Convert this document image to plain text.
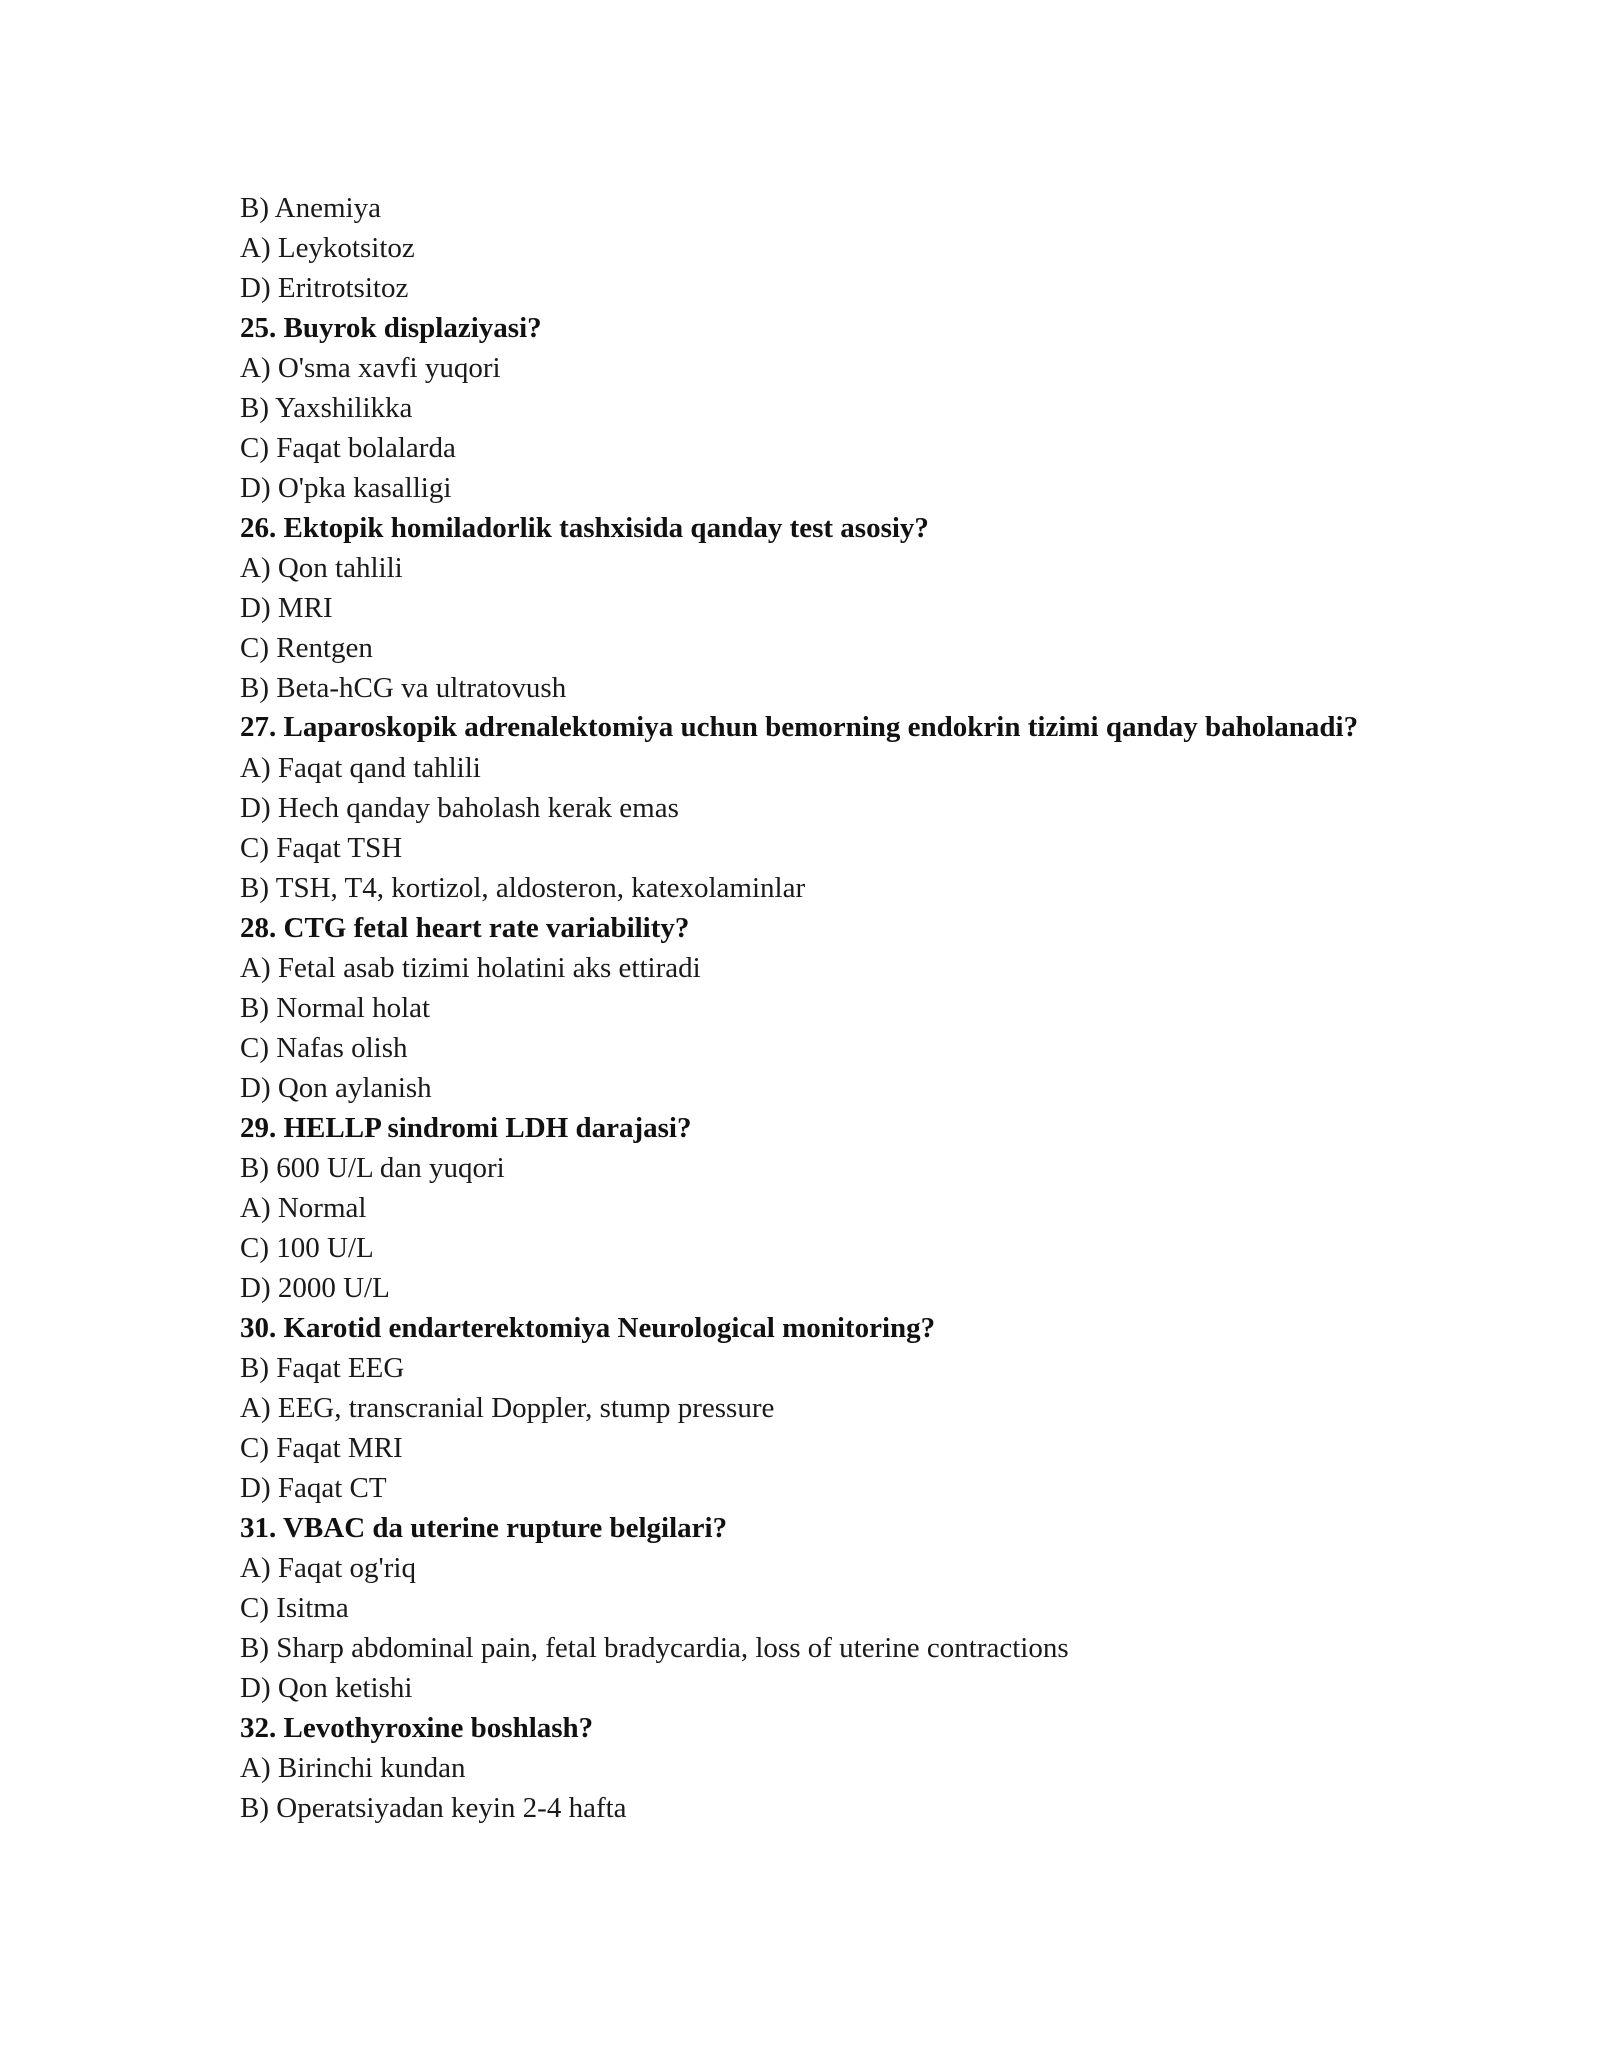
B) Anemiya
A) Leykotsitoz
D) Eritrotsitoz
25. Buyrok displaziyasi?
A) O'sma xavfi yuqori
B) Yaxshilikka
C) Faqat bolalarda
D) O'pka kasalligi
26. Ektopik homiladorlik tashxisida qanday test asosiy?
A) Qon tahlili
D) MRI
C) Rentgen
B) Beta-hCG va ultratovush
27. Laparoskopik adrenalektomiya uchun bemorning endokrin tizimi qanday baholanadi?
A) Faqat qand tahlili
D) Hech qanday baholash kerak emas
C) Faqat TSH
B) TSH, T4, kortizol, aldosteron, katexolaminlar
28. CTG fetal heart rate variability?
A) Fetal asab tizimi holatini aks ettiradi
B) Normal holat
C) Nafas olish
D) Qon aylanish
29. HELLP sindromi LDH darajasi?
B) 600 U/L dan yuqori
A) Normal
C) 100 U/L
D) 2000 U/L
30. Karotid endarterektomiya Neurological monitoring?
B) Faqat EEG
A) EEG, transcranial Doppler, stump pressure
C) Faqat MRI
D) Faqat CT
31. VBAC da uterine rupture belgilari?
A) Faqat og'riq
C) Isitma
B) Sharp abdominal pain, fetal bradycardia, loss of uterine contractions
D) Qon ketishi
32. Levothyroxine boshlash?
A) Birinchi kundan
B) Operatsiyadan keyin 2-4 hafta
